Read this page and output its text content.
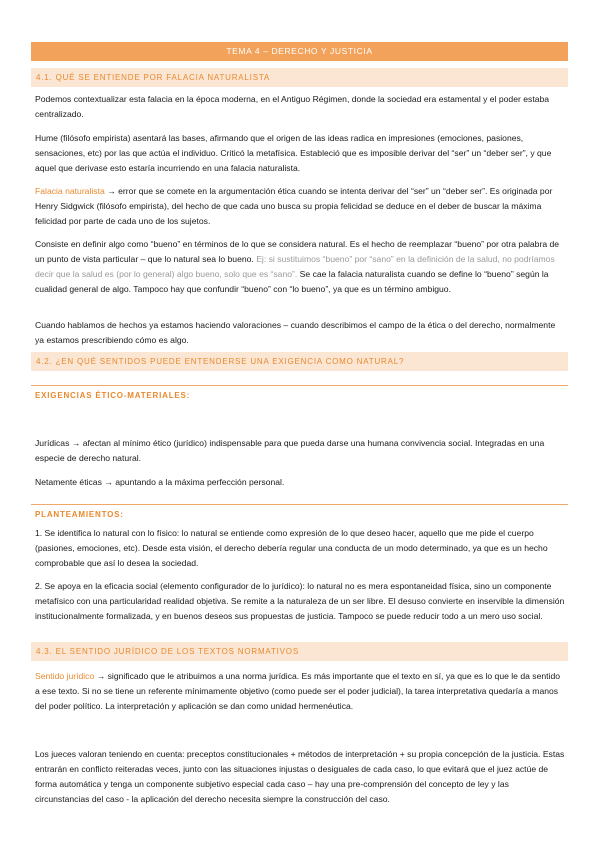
TEMA 4 – DERECHO Y JUSTICIA
4.1. QUÉ SE ENTIENDE POR FALACIA NATURALISTA

Podemos contextualizar esta falacia en la época moderna, en el Antiguo Régimen, donde la sociedad era estamental y el poder estaba centralizado.

Hume (filósofo empirista) asentará las bases, afirmando que el origen de las ideas radica en impresiones (emociones, pasiones, sensaciones, etc) por las que actúa el individuo. Criticó la metafísica. Estableció que es imposible derivar del “ser” un “deber ser”, y que aquel que derivase esto estaría incurriendo en una falacia naturalista.

Falacia naturalista → error que se comete en la argumentación ética cuando se intenta derivar del “ser” un “deber ser”. Es originada por Henry Sidgwick (filósofo empirista), del hecho de que cada uno busca su propia felicidad se deduce en el deber de buscar la máxima felicidad por parte de cada uno de los sujetos.

Consiste en definir algo como “bueno” en términos de lo que se considera natural. Es el hecho de reemplazar “bueno” por otra palabra de un punto de vista particular – que lo natural sea lo bueno. Ej: si sustituimos “bueno” por “sano” en la definición de la salud, no podríamos decir que la salud es (por lo general) algo bueno, solo que es “sano”. Se cae la falacia naturalista cuando se define lo “bueno” según la cualidad general de algo. Tampoco hay que confundir “bueno” con “lo bueno”, ya que es un término ambiguo.

Cuando hablamos de hechos ya estamos haciendo valoraciones – cuando describimos el campo de la ética o del derecho, normalmente ya estamos prescribiendo cómo es algo.

4.2. ¿EN QUÉ SENTIDOS PUEDE ENTENDERSE UNA EXIGENCIA COMO NATURAL?
EXIGENCIAS ÉTICO-MATERIALES:

Jurídicas → afectan al mínimo ético (jurídico) indispensable para que pueda darse una humana convivencia social. Integradas en una especie de derecho natural.

Netamente éticas → apuntando a la máxima perfección personal.

PLANTEAMIENTOS:

1. Se identifica lo natural con lo físico: lo natural se entiende como expresión de lo que deseo hacer, aquello que me pide el cuerpo (pasiones, emociones, etc). Desde esta visión, el derecho debería regular una conducta de un modo determinado, ya que es un hecho comprobable que así lo desea la sociedad.

2. Se apoya en la eficacia social (elemento configurador de lo jurídico): lo natural no es mera espontaneidad física, sino un componente metafísico con una particularidad realidad objetiva. Se remite a la naturaleza de un ser libre. El desuso convierte en inservible la dimensión institucionalmente formalizada, y en buenos deseos sus propuestas de justicia. Tampoco se puede reducir todo a un mero uso social.

4.3. EL SENTIDO JURÍDICO DE LOS TEXTOS NORMATIVOS

Sentido jurídico → significado que le atribuimos a una norma jurídica. Es más importante que el texto en sí, ya que es lo que le da sentido a ese texto. Si no se tiene un referente mínimamente objetivo (como puede ser el poder judicial), la tarea interpretativa quedaría a manos del poder político. La interpretación y aplicación se dan como unidad hermenéutica.

Los jueces valoran teniendo en cuenta: preceptos constitucionales + métodos de interpretación + su propia concepción de la justicia. Estas entrarán en conflicto reiteradas veces, junto con las situaciones injustas o desiguales de cada caso, lo que evitará que el juez actúe de forma automática y tenga un componente subjetivo especial cada caso – hay una pre-comprensión del concepto de ley y las circunstancias del caso - la aplicación del derecho necesita siempre la construcción del caso.
